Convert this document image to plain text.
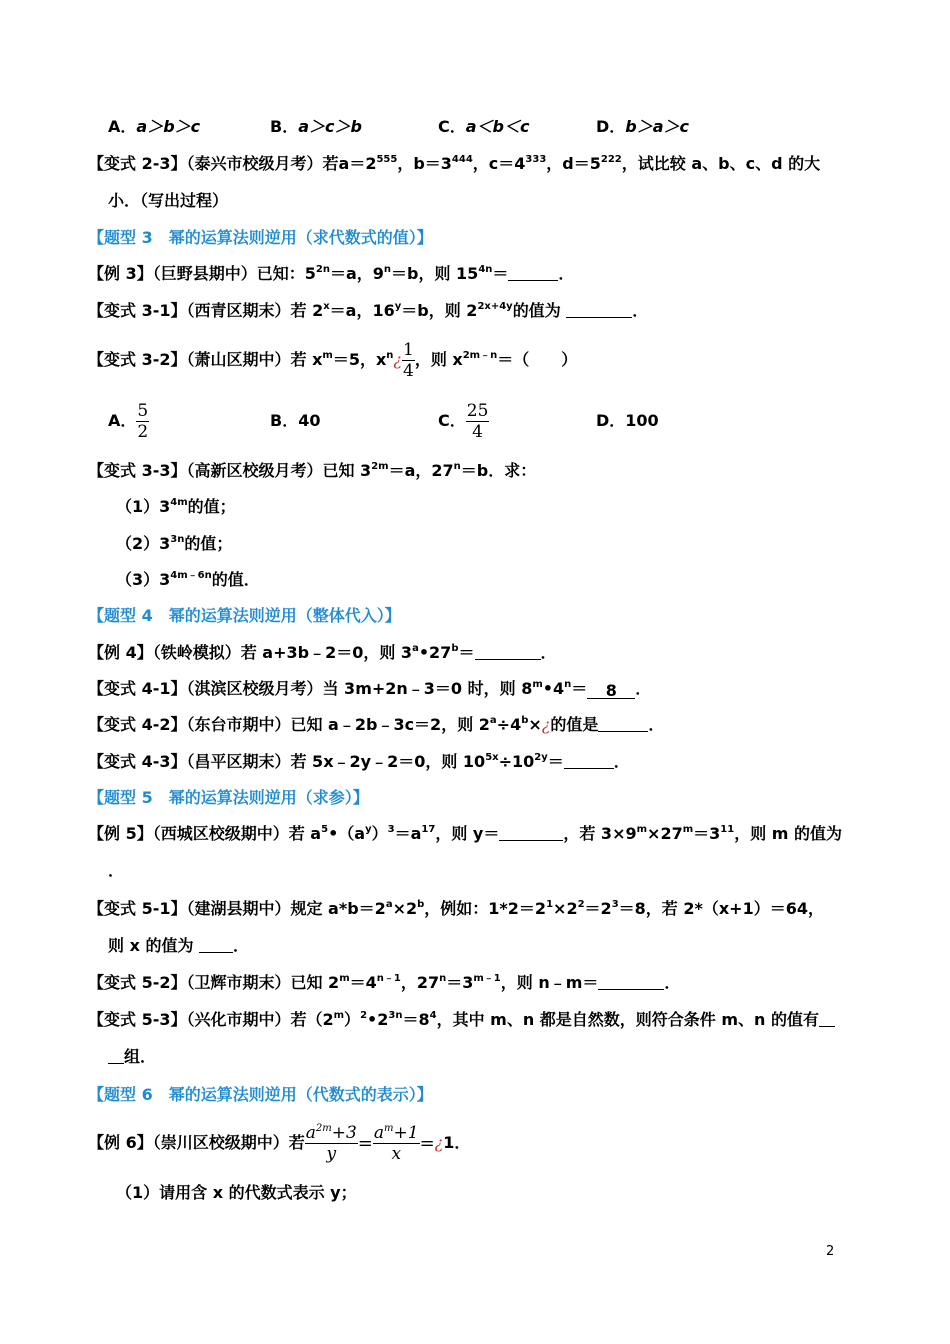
A．a＞b＞c	B．a＞c＞b	C．a＜b＜c	D．b＞a＞c
【变式 2-3】（泰兴市校级月考）若$a=2^{555}$，$b=3^{444}$，$c=4^{333}$，$d=5^{222}$，试比较 a、b、c、d 的大
小．（写出过程）
【题型 3　幂的运算法则逆用（求代数式的值）】
【例 3】（巨野县期中）已知：$5^{2n}=a$，$9^n=b$，则 $15^{4n}=$	．
【变式 3-1】（西青区期末）若 $2^x=a$，$16^y=b$，则 $2^{2x+4y}$的值为	．
【变式 3-2】（萧山区期中）若 $x^m=5$，$x^n¿ \frac{1}{4}$ ，则 $x^{2m﹣n}=$（　　）
A． $\frac{5}{2}$	B．40	C． $\frac{25}{4}$	D．100
【变式 3-3】（高新区校级月考）已知 $3^{2m}=a$，$27^n=b$．求：
$(1)3^{4m}$的值；
$(2)3^{3n}$的值；
$(3)3^{4m﹣6n}$的值．
【题型 4　幂的运算法则逆用（整体代入）】
【例 4】（铁岭模拟）若 a+3b﹣2＝0，则 $3^a•27^b=$	．
【变式 4-1】（淇滨区校级月考）当 3m+2n﹣3＝0 时，则 $8^m•4^n= 8$ ．
【变式 4-2】（东台市期中）已知 a﹣2b﹣3c＝2，则 $2^a\div 4^b\times¿$的值是	．
【变式 4-3】（昌平区期末）若 5x﹣2y﹣2＝0，则 $10^{5x}\div 10^{2y}=$	．
【题型 5　幂的运算法则逆用（求参）】
【例 5】（西城区校级期中）若 $a^5•(a^y)^3=a^{17}$，则 y＝	，若 $3\times 9^m\times 27^m=3^{11}$，则 m 的值为
．
【变式 5-1】（建湖县期中）规定 $a*b=2^a\times 2^b$，例如：$1*2=2^1\times 2^2=2^3=8$，若 2*（x+1）＝64，
则 x 的值为 ．
【变式 5-2】（卫辉市期末）已知 $2^m=4^{n﹣1}$，$27^n=3^{m﹣1}$，则 n﹣m＝	．
【变式 5-3】（兴化市期中）若$(2^m)^2•2^{3n}=8^4$，其中 m、n 都是自然数，则符合条件 m、n 的值有
组．
【题型 6　幂的运算法则逆用（代数式的表示）】
【例 6】（崇川区校级期中）若 $\frac{a^{2m}+3}{y} = \frac{a^m+1}{x}$ =¿1．
（1）请用含 x 的代数式表示 y；
2
